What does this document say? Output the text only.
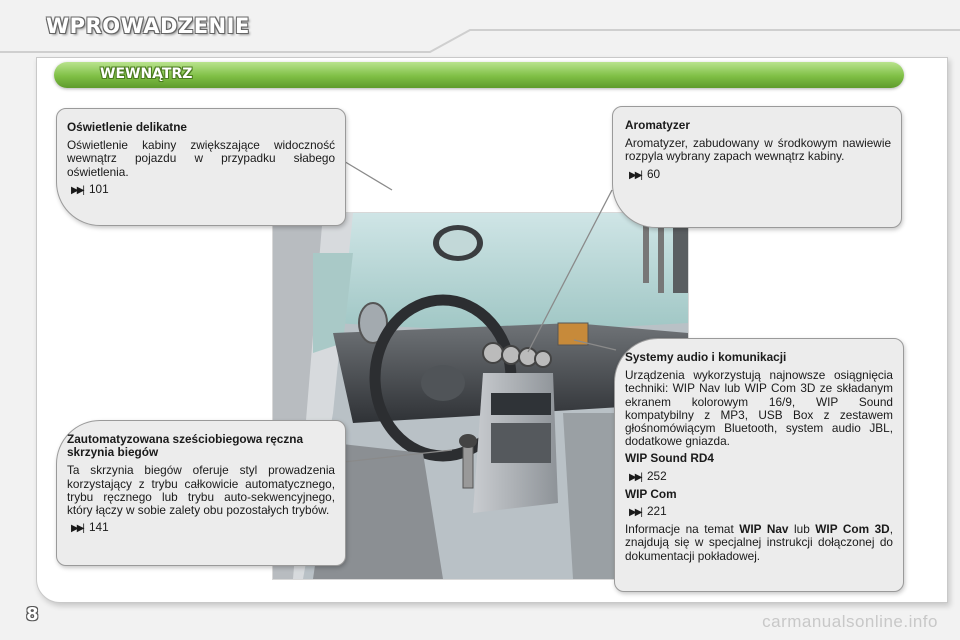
WPROWADZENIE
WEWNĄTRZ
Oświetlenie delikatne

Oświetlenie kabiny zwiększające widoczność wewnątrz pojazdu w przypadku słabego oświetlenia.

▶▶| 101
Aromatyzer

Aromatyzer, zabudowany w środkowym nawiewie rozpyla wybrany zapach wewnątrz kabiny.

▶▶| 60
Zautomatyzowana sześciobiegowa ręczna skrzynia biegów

Ta skrzynia biegów oferuje styl prowadzenia korzystający z trybu całkowicie automatycznego, trybu ręcznego lub trybu auto-sekwencyjnego, który łączy w sobie zalety obu pozostałych trybów.

▶▶| 141
Systemy audio i komunikacji

Urządzenia wykorzystują najnowsze osiągnięcia techniki: WIP Nav lub WIP Com 3D ze składanym ekranem kolorowym 16/9, WIP Sound kompatybilny z MP3, USB Box z zestawem głośnomówiącym Bluetooth, system audio JBL, dodatkowe gniazda.

WIP Sound RD4
▶▶| 252
WIP Com
▶▶| 221

Informacje na temat WIP Nav lub WIP Com 3D, znajdują się w specjalnej instrukcji dołączonej do dokumentacji pokładowej.

8	carmanualsonline.info
